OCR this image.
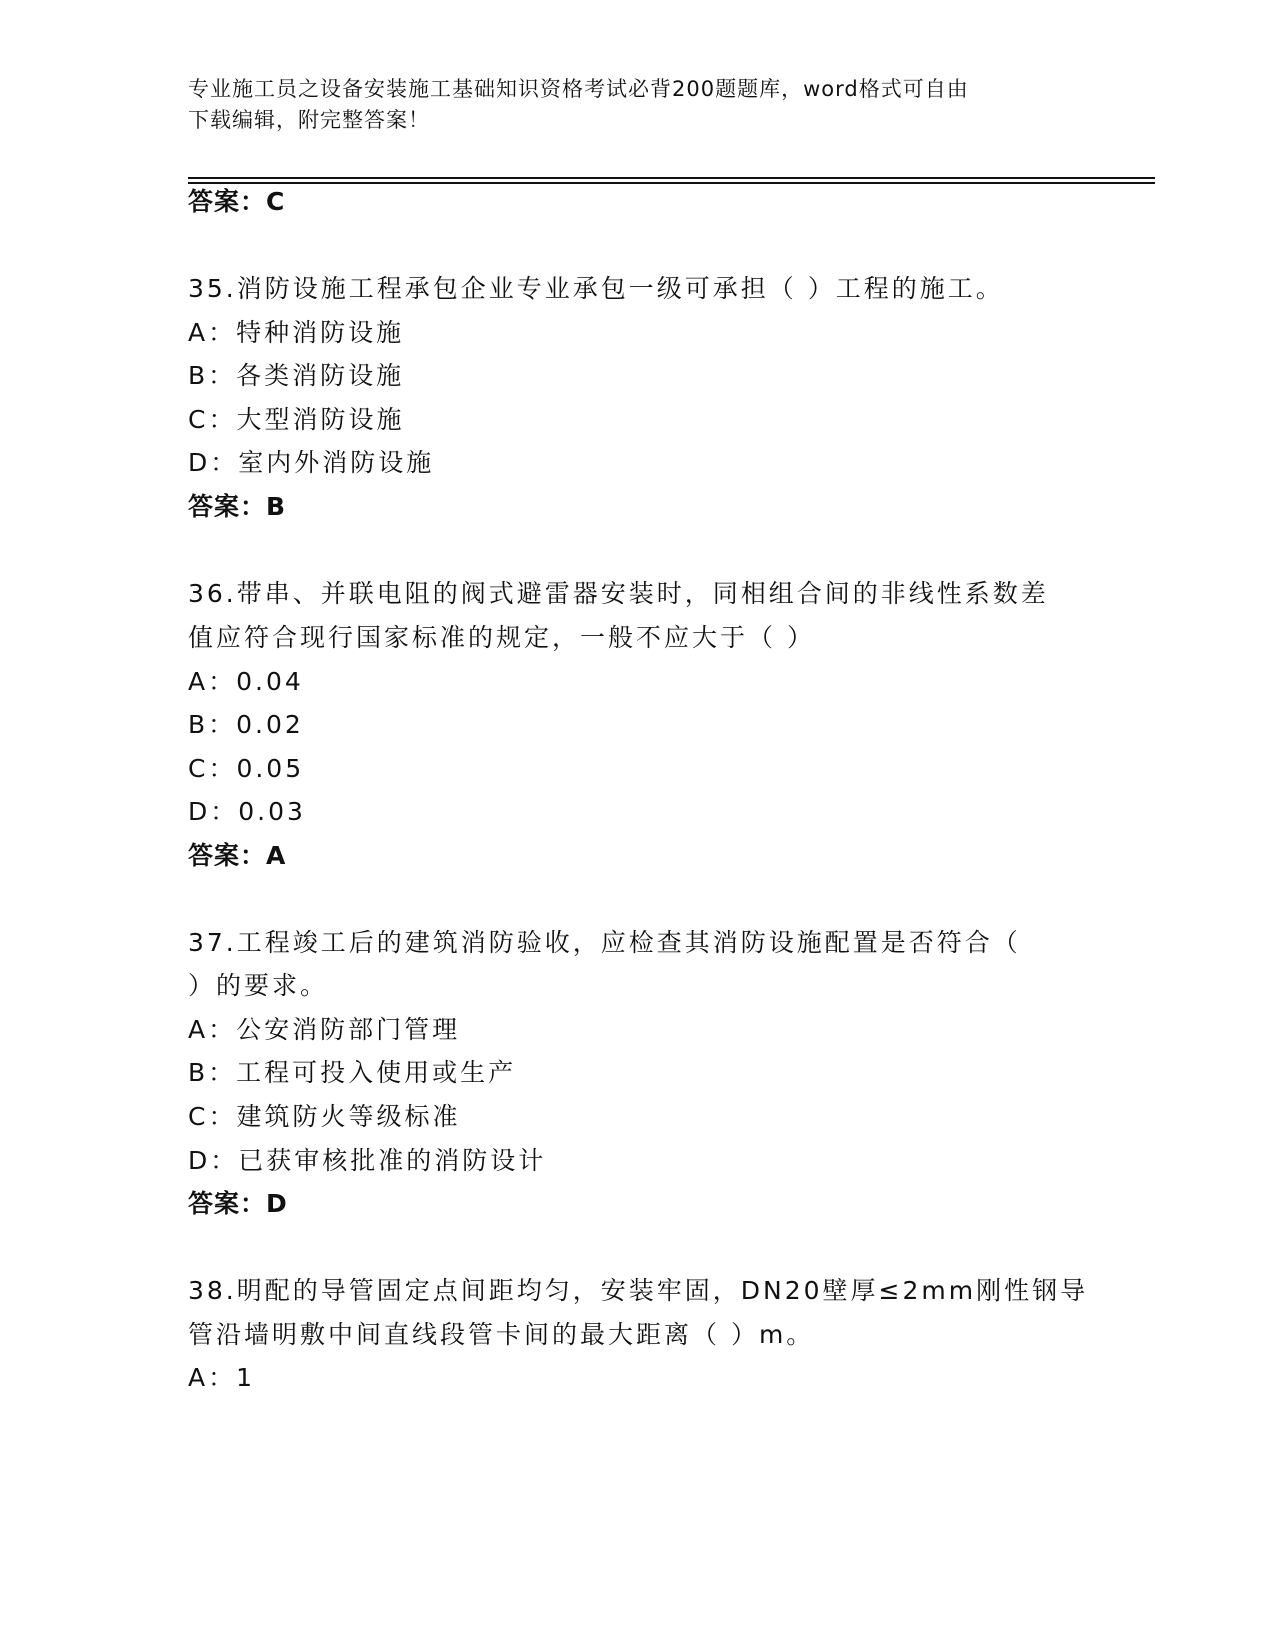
专业施工员之设备安装施工基础知识资格考试必背200题题库，word格式可自由
下载编辑，附完整答案！
答案：C
35.消防设施工程承包企业专业承包一级可承担（ ）工程的施工。
A：特种消防设施
B：各类消防设施
C：大型消防设施
D：室内外消防设施
答案：B
36.带串、并联电阻的阀式避雷器安装时，同相组合间的非线性系数差
值应符合现行国家标准的规定，一般不应大于（ ）
A：0.04
B：0.02
C：0.05
D：0.03
答案：A
37.工程竣工后的建筑消防验收，应检查其消防设施配置是否符合（
）的要求。
A：公安消防部门管理
B：工程可投入使用或生产
C：建筑防火等级标准
D：已获审核批准的消防设计
答案：D
38.明配的导管固定点间距均匀，安装牢固，DN20壁厚≤2mm刚性钢导
管沿墙明敷中间直线段管卡间的最大距离（ ）m。
A：1
